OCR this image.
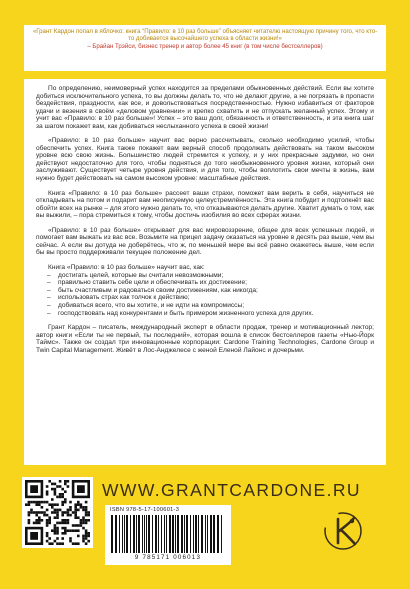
«Грант Кардон попал в яблочко: книга “Правило: в 10 раз больше” объясняет читателю настоящую причину того, что кто-то добивается высочайшего успеха в области жизни!»

– Брайан Трэйси, бизнес тренер и автор более 45 книг (в том числе бестселлеров)

По определению, неимоверный успех находится за пределами обыкновенных действий. Если вы хотите добиться исключительного успеха, то вы должны делать то, что не делают другие, а не погрязать в пропасти бездействия, праздности, как все, и довольствоваться посредственностью. Нужно избавиться от факторов удачи и везения в своём «деловом уравнении» и крепко схватить и не отпускать желанный успех. Этому и учит вас «Правило: в 10 раз больше»! Успех – это ваш долг, обязанность и ответственность, и эта книга шаг за шагом покажет вам, как добиваться неслыханного успеха в своей жизни!

«Правило: в 10 раз больше» научит вас верно рассчитывать, сколько необходимо усилий, чтобы обеспечить успех. Книга также покажет вам верный способ продолжать действовать на таком высоком уровне всю свою жизнь. Большинство людей стремится к успеху, и у них прекрасные задумки, но они действуют недостаточно для того, чтобы подняться до того необыкновенного уровня жизни, который они заслуживают. Существует четыре уровня действия, и для того, чтобы воплотить свои мечты в жизнь, вам нужно будет действовать на самом высоком уровне: масштабные действия.

Книга «Правило: в 10 раз больше» рассеет ваши страхи, поможет вам верить в себя, научиться не откладывать на потом и подарит вам неописуемую целеустремлённость. Эта книга побудит и подтолкнёт вас обойти всех на рынке – для этого нужно делать то, что отказываются делать другие. Хватит думать о том, как вы выжили, – пора стремиться к тому, чтобы достичь изобилия во всех сферах жизни.

«Правило: в 10 раз больше» открывает для вас мировоззрение, общее для всех успешных людей, и помогает вам выжать из вас все. Возьмите на прицел задачу оказаться на уровне в десять раз выше, чем вы сейчас. А если вы дотуда не доберётесь, что ж, по меньшей мере вы всё равно окажетесь выше, чем если бы вы просто поддерживали текущее положение дел.

Книга «Правило: в 10 раз больше» научит вас, как:

– достигать целей, которые вы считали невозможными;
– правильно ставить себе цели и обеспечивать их достижение;
– быть счастливым и радоваться своим достижениям, как никогда;
– использовать страх как толчок к действию;
– добиваться всего, что вы хотите, и не идти на компромиссы;
– господствовать над конкурентами и быть примером жизненного успеха для других.

Грант Кардон – писатель, международный эксперт в области продаж, тренер и мотивационный лектор; автор книги «Если ты не первый, ты последний», которая вошла в список бестселлеров газеты «Нью-Йорк Таймс». Также он создал три инновационные корпорации: Cardone Training Technologies, Cardone Group и Twin Capital Management. Живёт в Лос-Анджелесе с женой Еленой Лайонс и дочерьми.

WWW.GRANTCARDONE.RU
ISBN 978-5-17-100601-3
9 785171 006013
